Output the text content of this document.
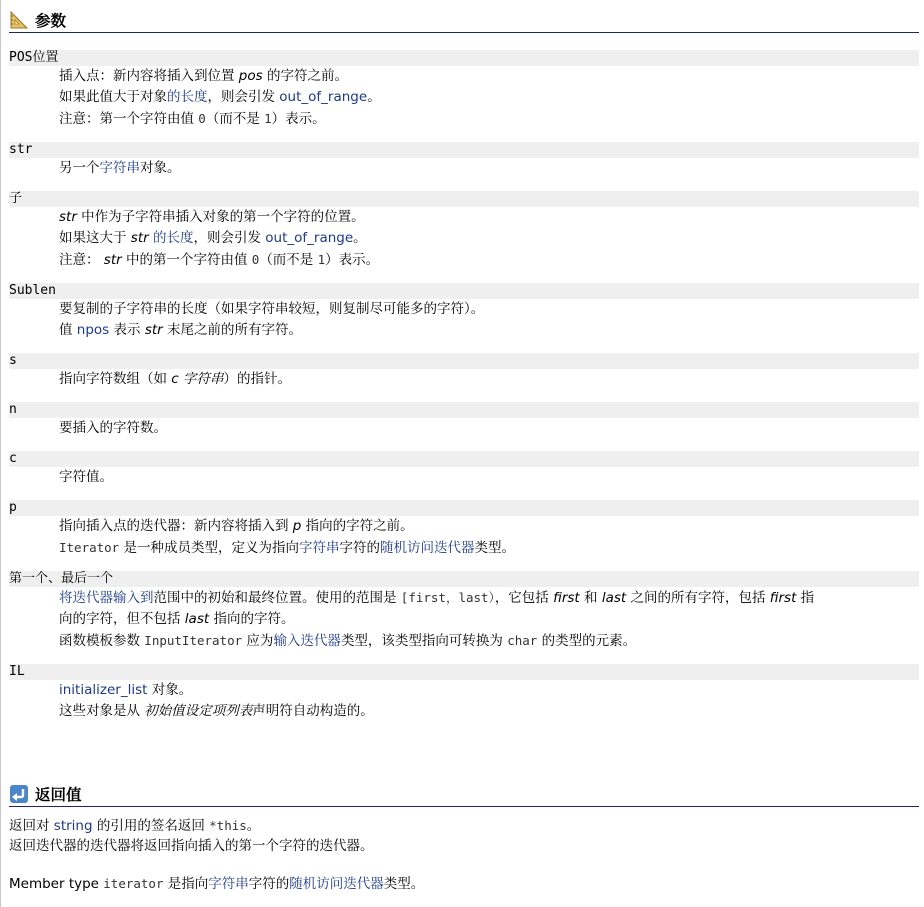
参数
POS位置
插入点：新内容将插入到位置 pos 的字符之前。
如果此值大于对象的长度，则会引发 out_of_range。
注意：第一个字符由值 0（而不是 1）表示。
str
另一个字符串对象。
子
str 中作为子字符串插入对象的第一个字符的位置。
如果这大于 str 的长度，则会引发 out_of_range。
注意： str 中的第一个字符由值 0（而不是 1）表示。
Sublen
要复制的子字符串的长度（如果字符串较短，则复制尽可能多的字符）。
值 npos 表示 str 末尾之前的所有字符。
s
指向字符数组（如 c 字符串）的指针。
n
要插入的字符数。
c
字符值。
p
指向插入点的迭代器：新内容将插入到 p 指向的字符之前。
Iterator 是一种成员类型，定义为指向字符串字符的随机访问迭代器类型。
第一个、最后一个
将迭代器输入到范围中的初始和最终位置。使用的范围是 [first，last），它包括 first 和 last 之间的所有字符，包括 first 指
向的字符，但不包括 last 指向的字符。
函数模板参数 InputIterator 应为输入迭代器类型，该类型指向可转换为 char 的类型的元素。
IL
initializer_list 对象。
这些对象是从 初始值设定项列表声明符自动构造的。
返回值
返回对 string 的引用的签名返回 *this。
返回迭代器的迭代器将返回指向插入的第一个字符的迭代器。
Member type iterator 是指向字符串字符的随机访问迭代器类型。
